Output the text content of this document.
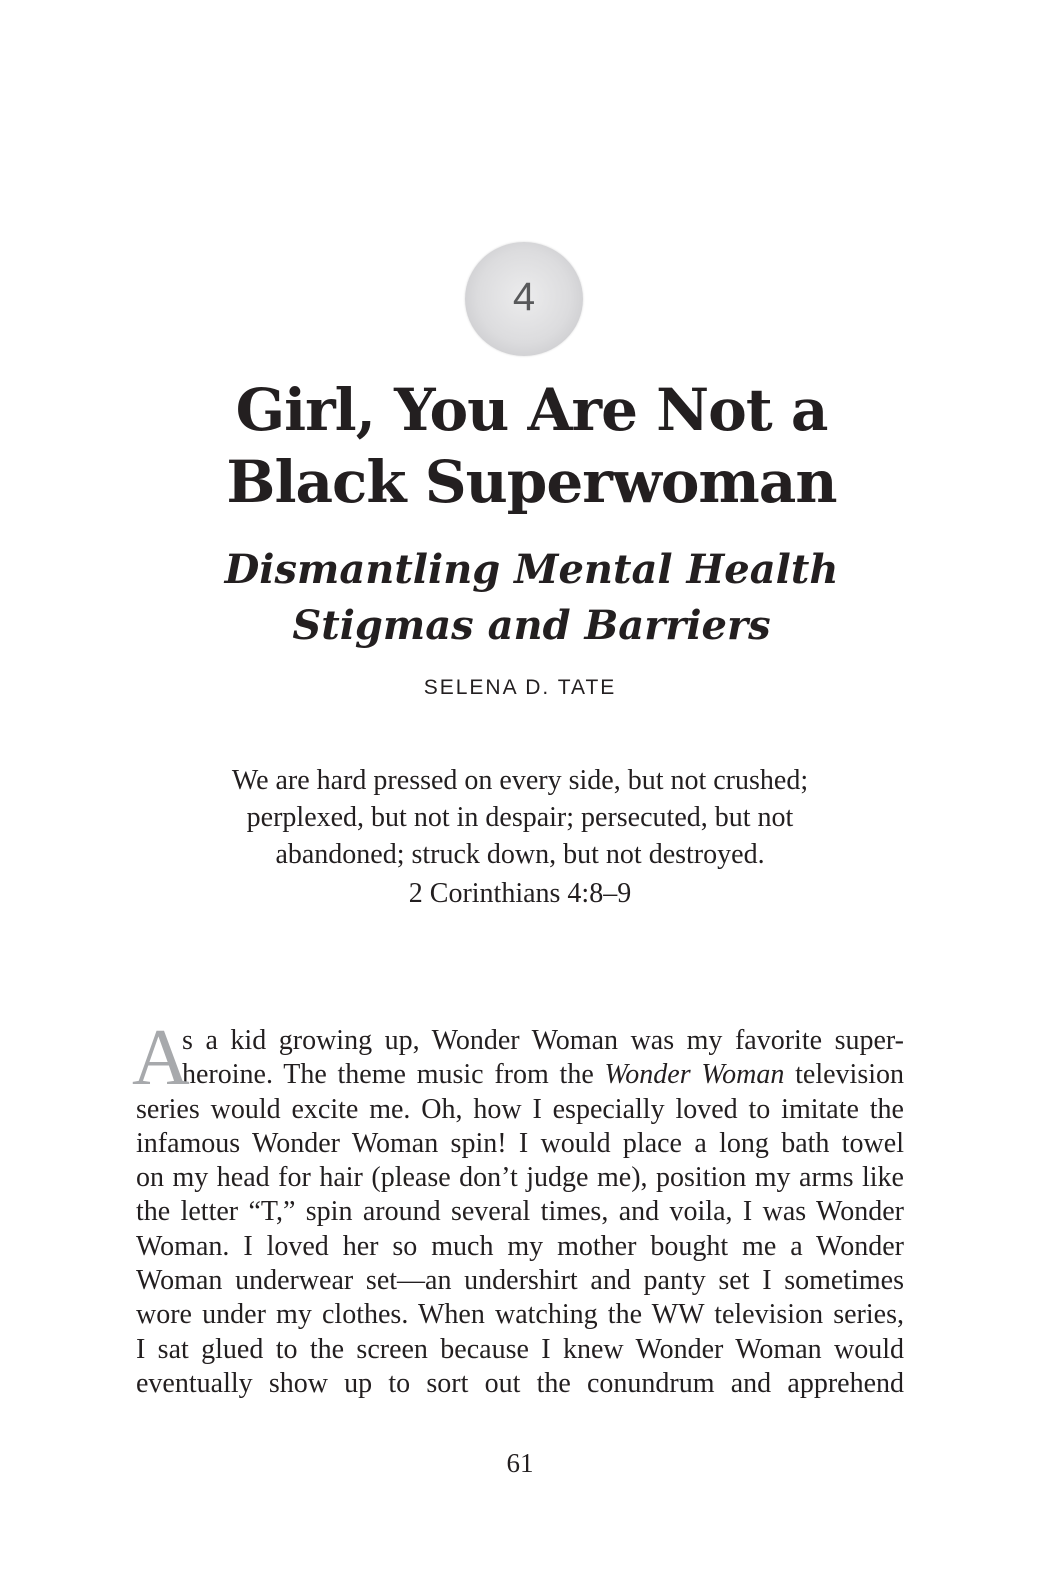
4
Girl, You Are Not a
Black Superwoman
Dismantling Mental Health
Stigmas and Barriers
SELENA D. TATE
We are hard pressed on every side, but not crushed;
perplexed, but not in despair; persecuted, but not
abandoned; struck down, but not destroyed.
2 Corinthians 4:8–9
A
s a kid growing up, Wonder Woman was my favorite super-
heroine. The theme music from the Wonder Woman television
series would excite me. Oh, how I especially loved to imitate the
infamous Wonder Woman spin! I would place a long bath towel
on my head for hair (please don’t judge me), position my arms like
the letter “T,” spin around several times, and voila, I was Wonder
Woman. I loved her so much my mother bought me a Wonder
Woman underwear set—an undershirt and panty set I sometimes
wore under my clothes. When watching the WW television series,
I sat glued to the screen because I knew Wonder Woman would
eventually show up to sort out the conundrum and apprehend
61
